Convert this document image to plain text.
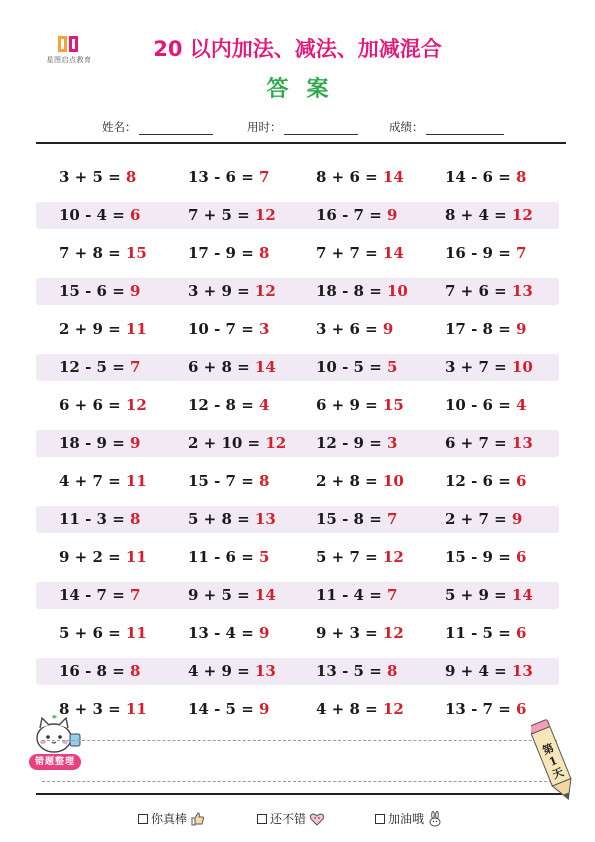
星图启点教育	20 以内加法、减法、加减混合
答案
姓名：	用时：	成绩：
3 + 5 = 8	13 - 6 = 7	8 + 6 = 14	14 - 6 = 8
10 - 4 = 6	7 + 5 = 12	16 - 7 = 9	8 + 4 = 12
7 + 8 = 15	17 - 9 = 8	7 + 7 = 14	16 - 9 = 7
15 - 6 = 9	3 + 9 = 12	18 - 8 = 10 7 + 6 = 13
2 + 9 = 11	10 - 7 = 3	3 + 6 = 9	17 - 8 = 9
12 - 5 = 7	6 + 8 = 14	10 - 5 = 5	3 + 7 = 10
6 + 6 = 12	12 - 8 = 4	6 + 9 = 15	10 - 6 = 4
18 - 9 = 9	2 + 10 = 12 12 - 9 = 3	6 + 7 = 13
4 + 7 = 11	15 - 7 = 8	2 + 8 = 10	12 - 6 = 6
11 - 3 = 8	5 + 8 = 13	15 - 8 = 7	2 + 7 = 9
9 + 2 = 11	11 - 6 = 5	5 + 7 = 12	15 - 9 = 6
14 - 7 = 7	9 + 5 = 14	11 - 4 = 7	5 + 9 = 14
5 + 6 = 11	13 - 4 = 9	9 + 3 = 12	11 - 5 = 6
16 - 8 = 8	4 + 9 = 13	13 - 5 = 8	9 + 4 = 13
8 + 3 = 11	14 - 5 = 9	4 + 8 = 12	13 - 7 = 6
错题整理
第
1
天
你真棒	还不错	加油哦
